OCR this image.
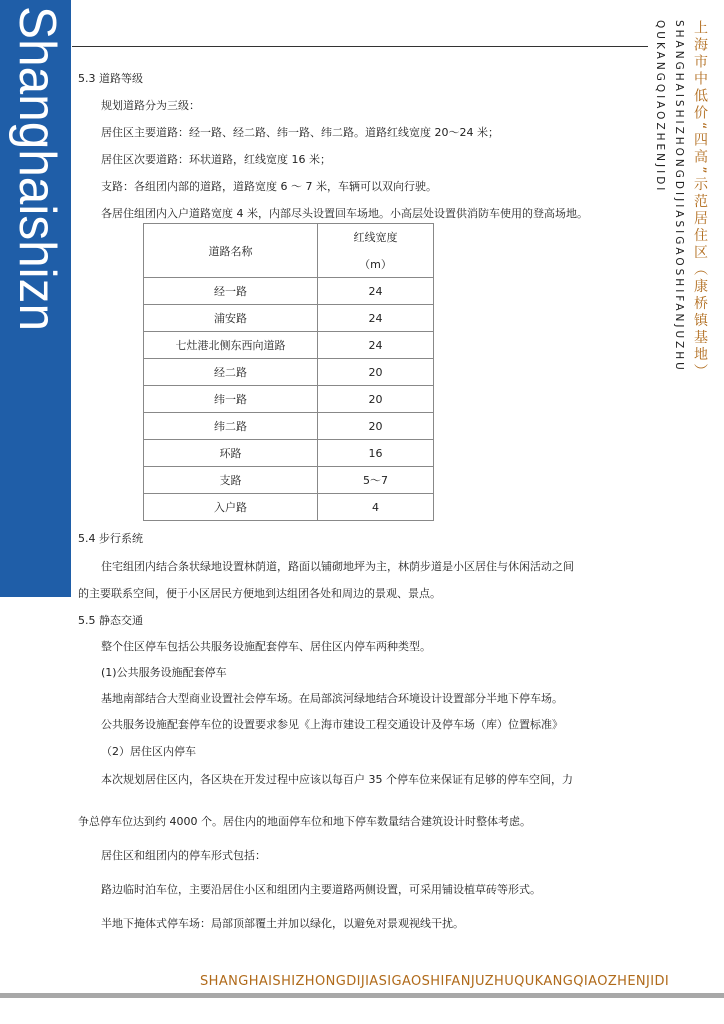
Shanghaishizn	上海市中低价“四高”示范居住区（康桥镇基地）
SHANGHAISHIZHONGDIJIASIGAOSHIFANJUZHU
QUKANGQIAOZHENJIDI
5.3 道路等级
规划道路分为三级：
居住区主要道路：经一路、经二路、纬一路、纬二路。道路红线宽度 20～24 米；
居住区次要道路：环状道路，红线宽度 16 米；
支路：各组团内部的道路，道路宽度 6 ～ 7 米，车辆可以双向行驶。
各居住组团内入户道路宽度 4 米，内部尽头设置回车场地。小高层处设置供消防车使用的登高场地。
道路名称	红线宽度
（m）

经一路	24
浦安路	24
七灶港北侧东西向道路	24
经二路	20
纬一路	20
纬二路	20
环路	16
支路	5～7
入户路	4
5.4 步行系统
住宅组团内结合条状绿地设置林荫道，路面以铺砌地坪为主，林荫步道是小区居住与休闲活动之间
的主要联系空间，便于小区居民方便地到达组团各处和周边的景观、景点。
5.5 静态交通
整个住区停车包括公共服务设施配套停车、居住区内停车两种类型。
(1)公共服务设施配套停车
基地南部结合大型商业设置社会停车场。在局部滨河绿地结合环境设计设置部分半地下停车场。
公共服务设施配套停车位的设置要求参见《上海市建设工程交通设计及停车场（库）位置标准》
（2）居住区内停车
本次规划居住区内，各区块在开发过程中应该以每百户 35 个停车位来保证有足够的停车空间，力
争总停车位达到约 4000 个。居住内的地面停车位和地下停车数量结合建筑设计时整体考虑。
居住区和组团内的停车形式包括：
路边临时泊车位，主要沿居住小区和组团内主要道路两侧设置，可采用铺设植草砖等形式。
半地下掩体式停车场：局部顶部覆土并加以绿化，以避免对景观视线干扰。
SHANGHAISHIZHONGDIJIASIGAOSHIFANJUZHUQUKANGQIAOZHENJIDI
